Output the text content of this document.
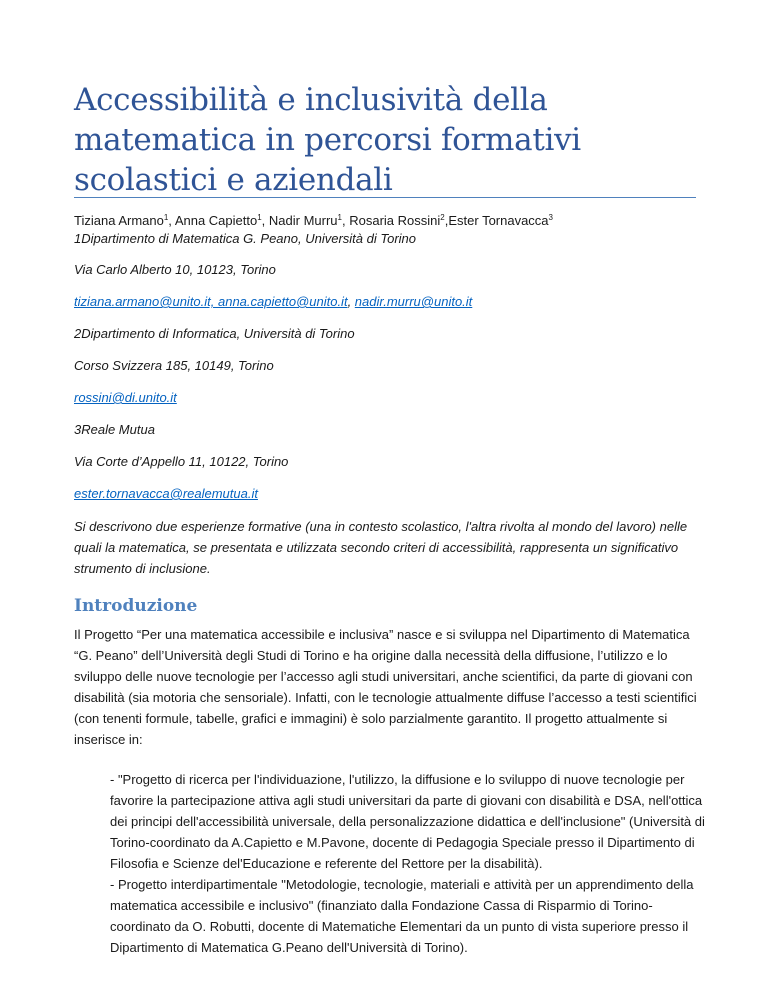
Accessibilità e inclusività della matematica in percorsi formativi scolastici e aziendali

Tiziana Armano$^1$, Anna Capietto$^1$, Nadir Murru$^1$, Rosaria Rossini$^2$,Ester Tornavacca$^3$

1Dipartimento di Matematica G. Peano, Università di Torino

Via Carlo Alberto 10, 10123, Torino

tiziana.armano@unito.it, anna.capietto@unito.it, nadir.murru@unito.it

2Dipartimento di Informatica, Università di Torino

Corso Svizzera 185, 10149, Torino

rossini@di.unito.it

3Reale Mutua

Via Corte d’Appello 11, 10122, Torino

ester.tornavacca@realemutua.it

Si descrivono due esperienze formative (una in contesto scolastico, l'altra rivolta al mondo del lavoro) nelle quali la matematica, se presentata e utilizzata secondo criteri di accessibilità, rappresenta un significativo strumento di inclusione.

Introduzione

Il Progetto “Per una matematica accessibile e inclusiva” nasce e si sviluppa nel Dipartimento di Matematica “G. Peano” dell’Università degli Studi di Torino e ha origine dalla necessità della diffusione, l’utilizzo e lo sviluppo delle nuove tecnologie per l’accesso agli studi universitari, anche scientifici, da parte di giovani con disabilità (sia motoria che sensoriale). Infatti, con le tecnologie attualmente diffuse l’accesso a testi scientifici (con tenenti formule, tabelle, grafici e immagini) è solo parzialmente garantito. Il progetto attualmente si inserisce in:

- "Progetto di ricerca per l'individuazione, l'utilizzo, la diffusione e lo sviluppo di nuove tecnologie per favorire la partecipazione attiva agli studi universitari da parte di giovani con disabilità e DSA, nell'ottica dei principi dell'accessibilità universale, della personalizzazione didattica e dell'inclusione" (Università di Torino-coordinato da A.Capietto e M.Pavone, docente di Pedagogia Speciale presso il Dipartimento di Filosofia e Scienze del'Educazione e referente del Rettore per la disabilità).

- Progetto interdipartimentale "Metodologie, tecnologie, materiali e attività per un apprendimento della matematica accessibile e inclusivo" (finanziato dalla Fondazione Cassa di Risparmio di Torino-coordinato da O. Robutti, docente di Matematiche Elementari da un punto di vista superiore presso il Dipartimento di Matematica G.Peano dell'Università di Torino).
